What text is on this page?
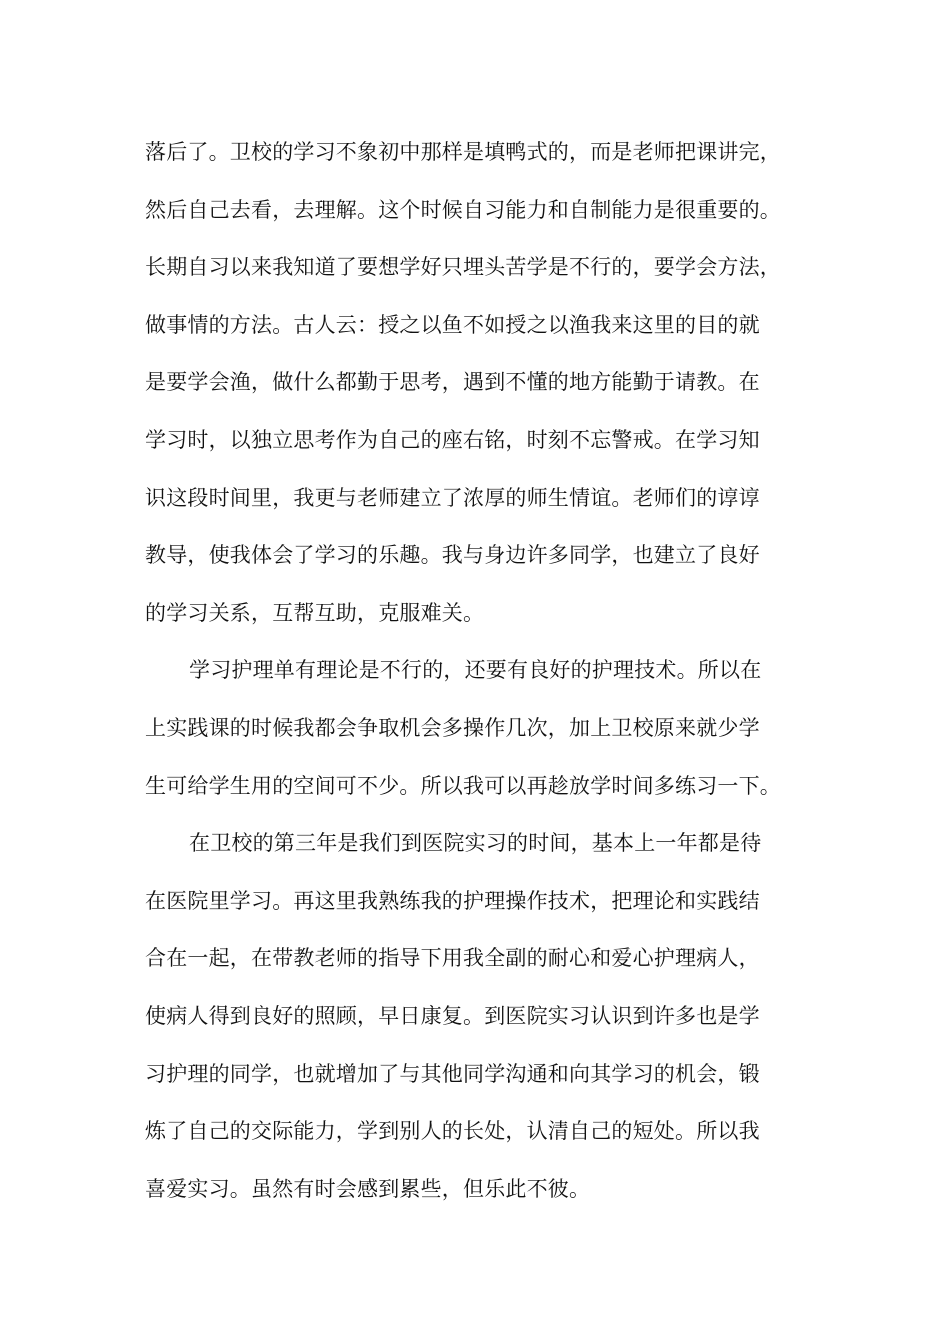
落后了。卫校的学习不象初中那样是填鸭式的，而是老师把课讲完，
然后自己去看，去理解。这个时候自习能力和自制能力是很重要的。
长期自习以来我知道了要想学好只埋头苦学是不行的，要学会方法，
做事情的方法。古人云：授之以鱼不如授之以渔我来这里的目的就
是要学会渔，做什么都勤于思考，遇到不懂的地方能勤于请教。在
学习时，以独立思考作为自己的座右铭，时刻不忘警戒。在学习知
识这段时间里，我更与老师建立了浓厚的师生情谊。老师们的谆谆
教导，使我体会了学习的乐趣。我与身边许多同学，也建立了良好
的学习关系，互帮互助，克服难关。
学习护理单有理论是不行的，还要有良好的护理技术。所以在
上实践课的时候我都会争取机会多操作几次，加上卫校原来就少学
生可给学生用的空间可不少。所以我可以再趁放学时间多练习一下。
在卫校的第三年是我们到医院实习的时间，基本上一年都是待
在医院里学习。再这里我熟练我的护理操作技术，把理论和实践结
合在一起，在带教老师的指导下用我全副的耐心和爱心护理病人，
使病人得到良好的照顾，早日康复。到医院实习认识到许多也是学
习护理的同学，也就增加了与其他同学沟通和向其学习的机会，锻
炼了自己的交际能力，学到别人的长处，认清自己的短处。所以我
喜爱实习。虽然有时会感到累些，但乐此不彼。
